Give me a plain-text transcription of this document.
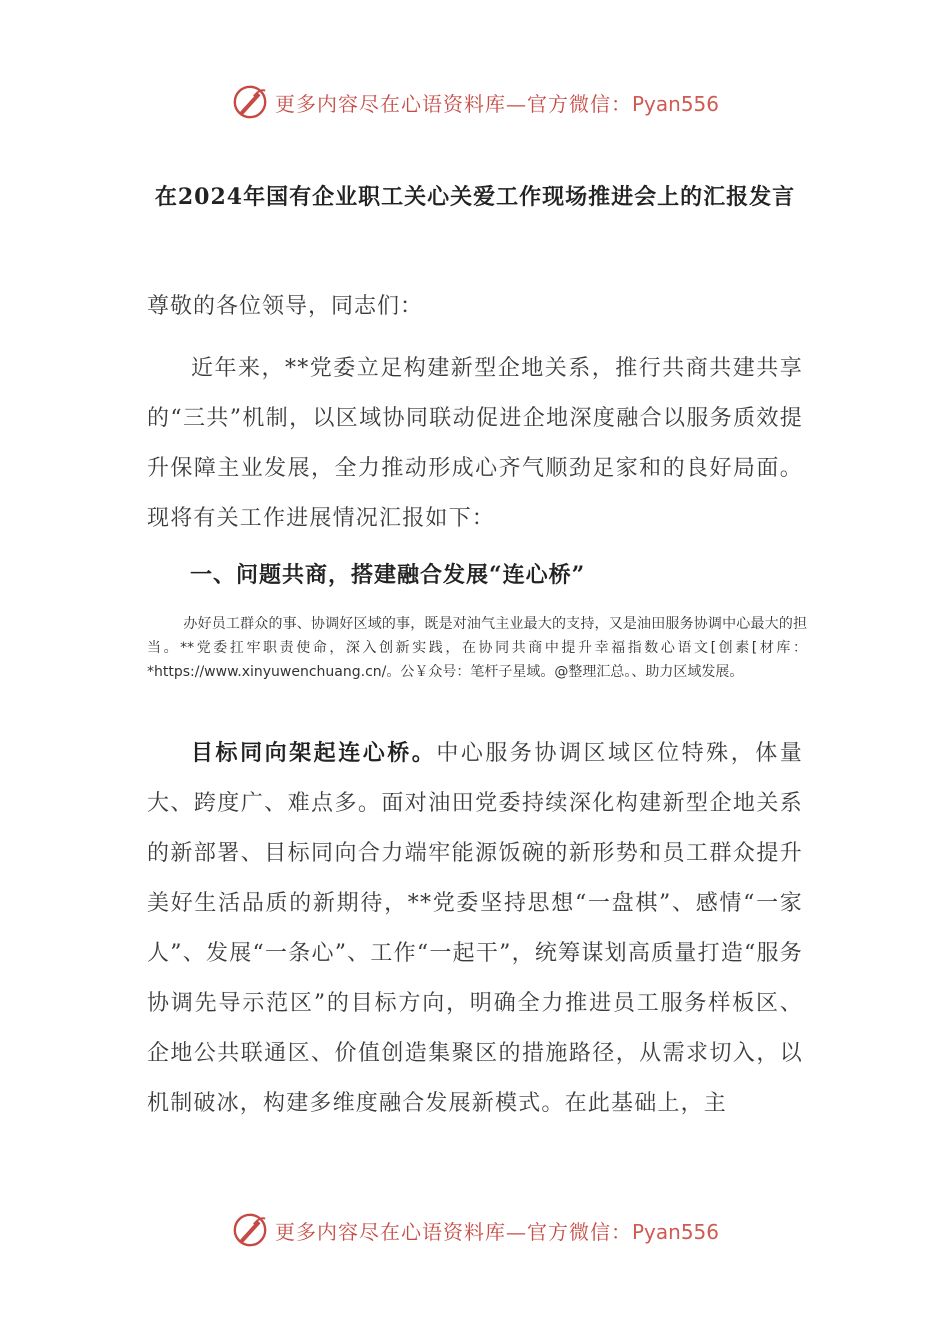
更多内容尽在心语资料库—官方微信：Pyan556
在2024年国有企业职工关心关爱工作现场推进会上的汇报发言
尊敬的各位领导，同志们：
近年来，**党委立足构建新型企地关系，推行共商共建共享的“三共”机制，以区域协同联动促进企地深度融合以服务质效提升保障主业发展，全力推动形成心齐气顺劲足家和的良好局面。现将有关工作进展情况汇报如下：
一、问题共商，搭建融合发展“连心桥”
办好员工群众的事、协调好区域的事，既是对油气主业最大的支持，又是油田服务协调中心最大的担当。**党委扛牢职责使命，深入创新实践，在协同共商中提升幸福指数心语文[创素[材库：*https://www.xinyuwenchuang.cn/。公￥众号：笔杆子星域。@整理汇总。、助力区域发展。
目标同向架起连心桥。中心服务协调区域区位特殊，体量大、跨度广、难点多。面对油田党委持续深化构建新型企地关系的新部署、目标同向合力端牢能源饭碗的新形势和员工群众提升美好生活品质的新期待，**党委坚持思想“一盘棋”、感情“一家人”、发展“一条心”、工作“一起干”，统筹谋划高质量打造“服务协调先导示范区”的目标方向，明确全力推进员工服务样板区、企地公共联通区、价值创造集聚区的措施路径，从需求切入，以机制破冰，构建多维度融合发展新模式。在此基础上，主
更多内容尽在心语资料库—官方微信：Pyan556
